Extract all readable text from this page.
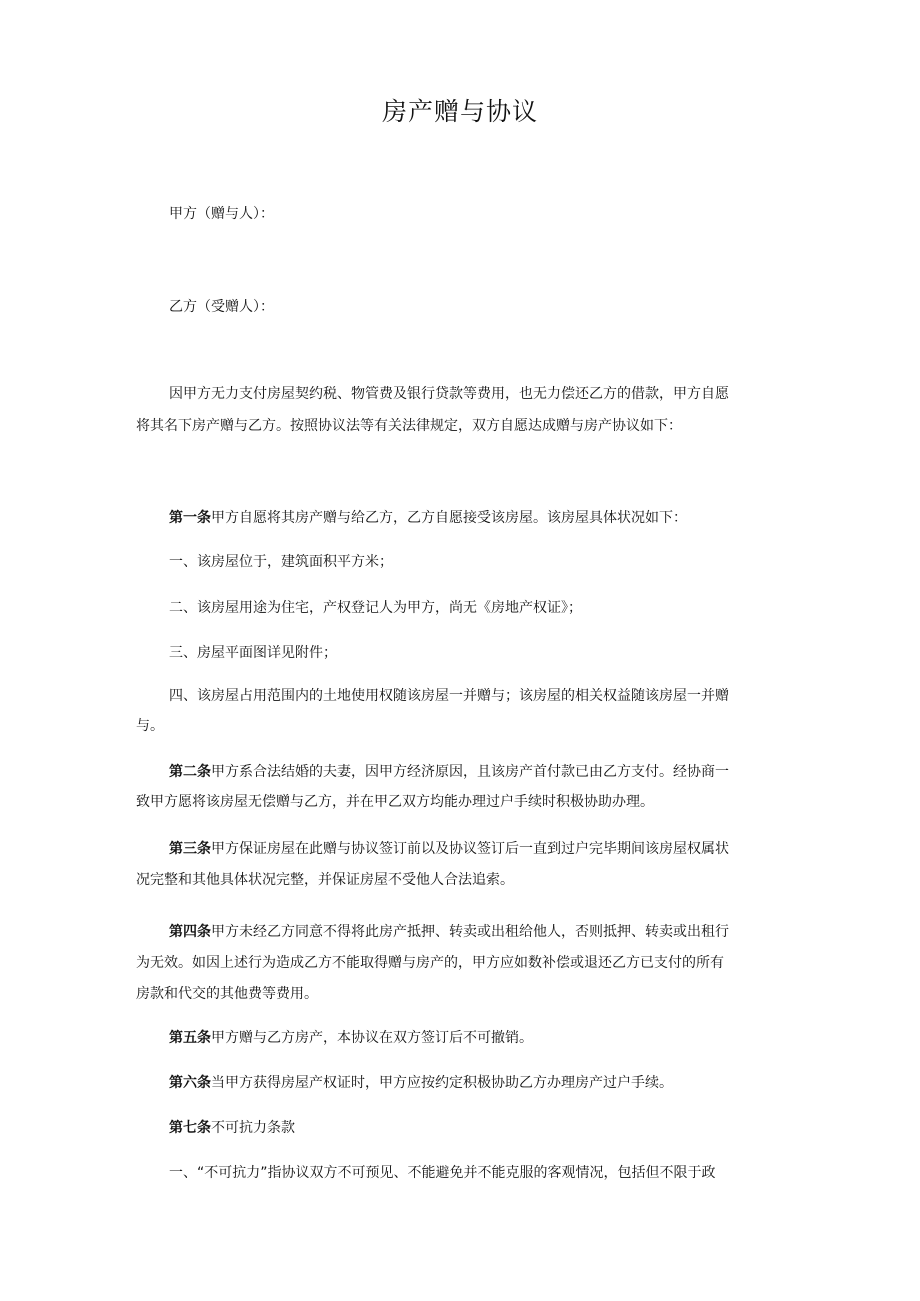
房产赠与协议
甲方（赠与人）：
乙方（受赠人）：
因甲方无力支付房屋契约税、物管费及银行贷款等费用，也无力偿还乙方的借款，甲方自愿
将其名下房产赠与乙方。按照协议法等有关法律规定，双方自愿达成赠与房产协议如下：
第一条甲方自愿将其房产赠与给乙方，乙方自愿接受该房屋。该房屋具体状况如下：
一、该房屋位于，建筑面积平方米；
二、该房屋用途为住宅，产权登记人为甲方，尚无《房地产权证》；
三、房屋平面图详见附件；
四、该房屋占用范围内的土地使用权随该房屋一并赠与；该房屋的相关权益随该房屋一并赠
与。
第二条甲方系合法结婚的夫妻，因甲方经济原因，且该房产首付款已由乙方支付。经协商一
致甲方愿将该房屋无偿赠与乙方，并在甲乙双方均能办理过户手续时积极协助办理。
第三条甲方保证房屋在此赠与协议签订前以及协议签订后一直到过户完毕期间该房屋权属状
况完整和其他具体状况完整，并保证房屋不受他人合法追索。
第四条甲方未经乙方同意不得将此房产抵押、转卖或出租给他人，否则抵押、转卖或出租行
为无效。如因上述行为造成乙方不能取得赠与房产的，甲方应如数补偿或退还乙方已支付的所有
房款和代交的其他费等费用。
第五条甲方赠与乙方房产，本协议在双方签订后不可撤销。
第六条当甲方获得房屋产权证时，甲方应按约定积极协助乙方办理房产过户手续。
第七条不可抗力条款
一、“不可抗力”指协议双方不可预见、不能避免并不能克服的客观情况，包括但不限于政
